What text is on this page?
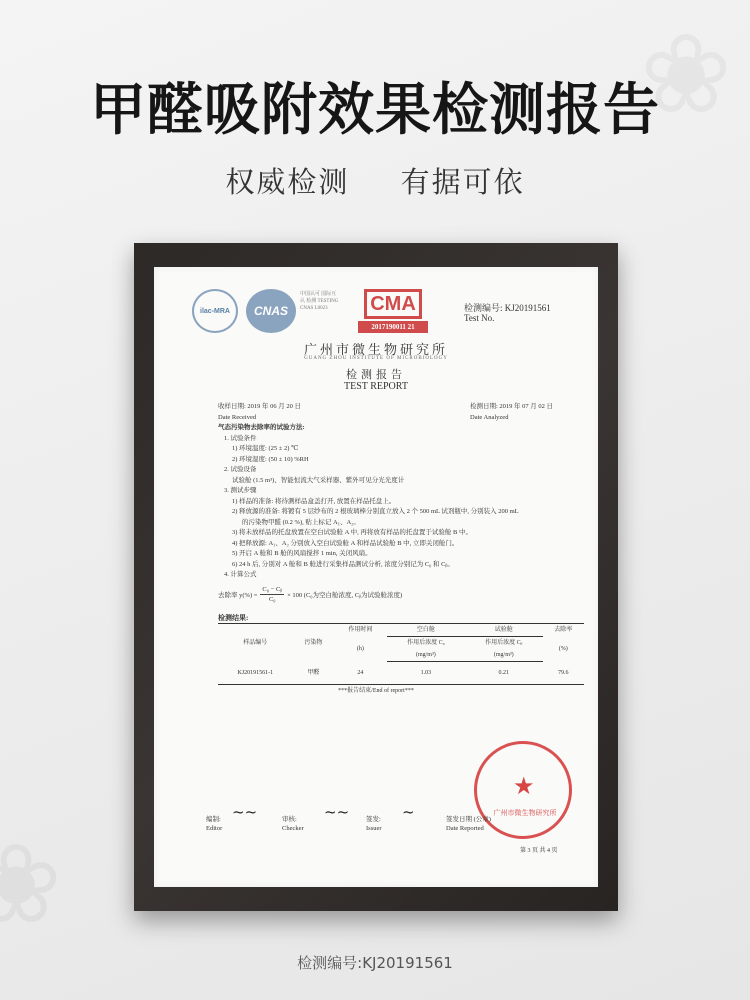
甲醛吸附效果检测报告
权威检测 有据可依
ilac-MRA	CNAS
中国认可 国际互认 检测 TESTING CNAS L0023	CMA
2017190011 21
检测编号: KJ20191561
Test No.
广州市微生物研究所
GUANG ZHOU INSTITUTE OF MICROBIOLOGY
检测报告
TEST REPORT
收样日期: 2019 年 06 月 20 日
Date Received
检测日期: 2019 年 07 月 02 日
Date Analyzed
气态污染物去除率的试验方法:
1. 试验条件
1) 环境温度: (25 ± 2) ℃
2) 环境湿度: (50 ± 10) %RH
2. 试验设备
试验舱 (1.5 m³)、智能恒流大气采样器、紫外可见分光光度计
3. 测试步骤
1) 样品的准备: 将待测样品盒盖打开, 放置在样品托盘上。
2) 释放源的准备: 将镀有 5 层纱布的 2 根玻璃棒分别直立放入 2 个 500 mL 试剂瓶中, 分别装入 200 mL
的污染物甲醛 (0.2 %), 贴上标记 A₁、A₂。
3) 将未放样品的托盘放置在空白试验舱 A 中, 再将放有样品的托盘置于试验舱 B 中。
4) 把释放源: A₁、A₂ 分别放入空白试验舱 A 和样品试验舱 B 中, 立即关闭舱门。
5) 开启 A 舱和 B 舱的风扇搅拌 1 min, 关闭风扇。
6) 24 h 后, 分别对 A 舱和 B 舱进行采集样品测试分析, 浓度分别记为 C₀ 和 Cᵦ。
4. 计算公式
去除率 $y(\%) = \frac{\text{C₀ − Cᵦ}}{\text{C₀}} \times 100$ (C₀为空白舱浓度, Cᵦ为试验舱浓度)
检测结果:
样品编号	污染物	作用时间	空白舱	试验舱	去除率
		(h)	作用后浓度 C₀	作用后浓度 Cᵦ	(%)
			(mg/m³)	(mg/m³)	
KJ20191561-1	甲醛	24	1.03	0.21	79.6
***报告结束/End of report***
★
广州市微生物研究所
编制:
Editor
~~	审核:
Checker
~~	签发:
Issuer
~	签发日期 (公章)
Date Reported
第 3 页 共 4 页
检测编号:KJ20191561
